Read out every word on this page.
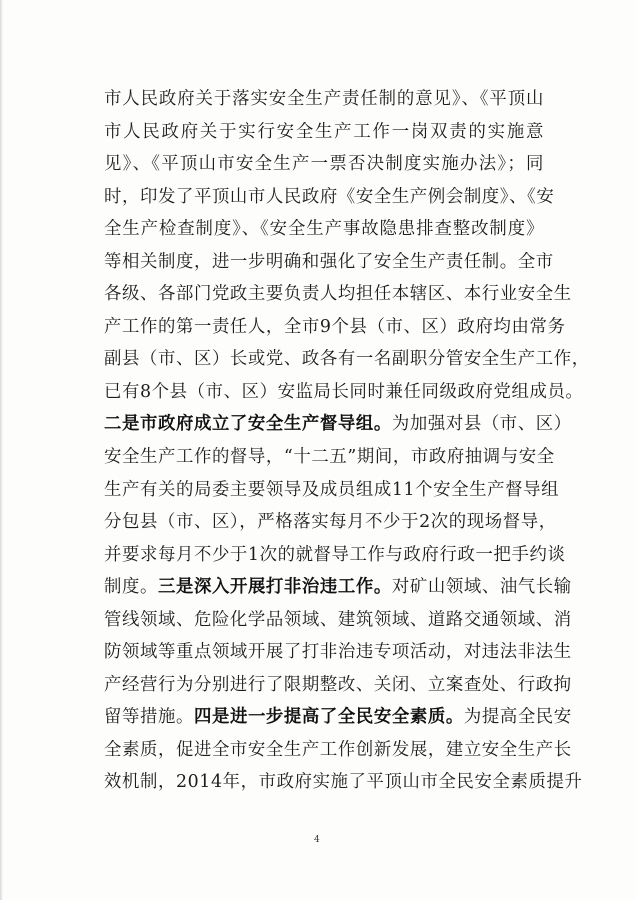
市人民政府关于落实安全生产责任制的意见》、《平顶山
市人民政府关于实行安全生产工作一岗双责的实施意
见》、《平顶山市安全生产一票否决制度实施办法》；同
时，印发了平顶山市人民政府《安全生产例会制度》、《安
全生产检查制度》、《安全生产事故隐患排查整改制度》
等相关制度，进一步明确和强化了安全生产责任制。全市
各级、各部门党政主要负责人均担任本辖区、本行业安全生
产工作的第一责任人，全市9个县（市、区）政府均由常务
副县（市、区）长或党、政各有一名副职分管安全生产工作，
已有8个县（市、区）安监局长同时兼任同级政府党组成员。
二是市政府成立了安全生产督导组。为加强对县（市、区）
安全生产工作的督导，“十二五”期间，市政府抽调与安全
生产有关的局委主要领导及成员组成11个安全生产督导组
分包县（市、区），严格落实每月不少于2次的现场督导，
并要求每月不少于1次的就督导工作与政府行政一把手约谈
制度。三是深入开展打非治违工作。对矿山领域、油气长输
管线领域、危险化学品领域、建筑领域、道路交通领域、消
防领域等重点领域开展了打非治违专项活动，对违法非法生
产经营行为分别进行了限期整改、关闭、立案查处、行政拘
留等措施。四是进一步提高了全民安全素质。为提高全民安
全素质，促进全市安全生产工作创新发展，建立安全生产长
效机制，2014年，市政府实施了平顶山市全民安全素质提升
4
